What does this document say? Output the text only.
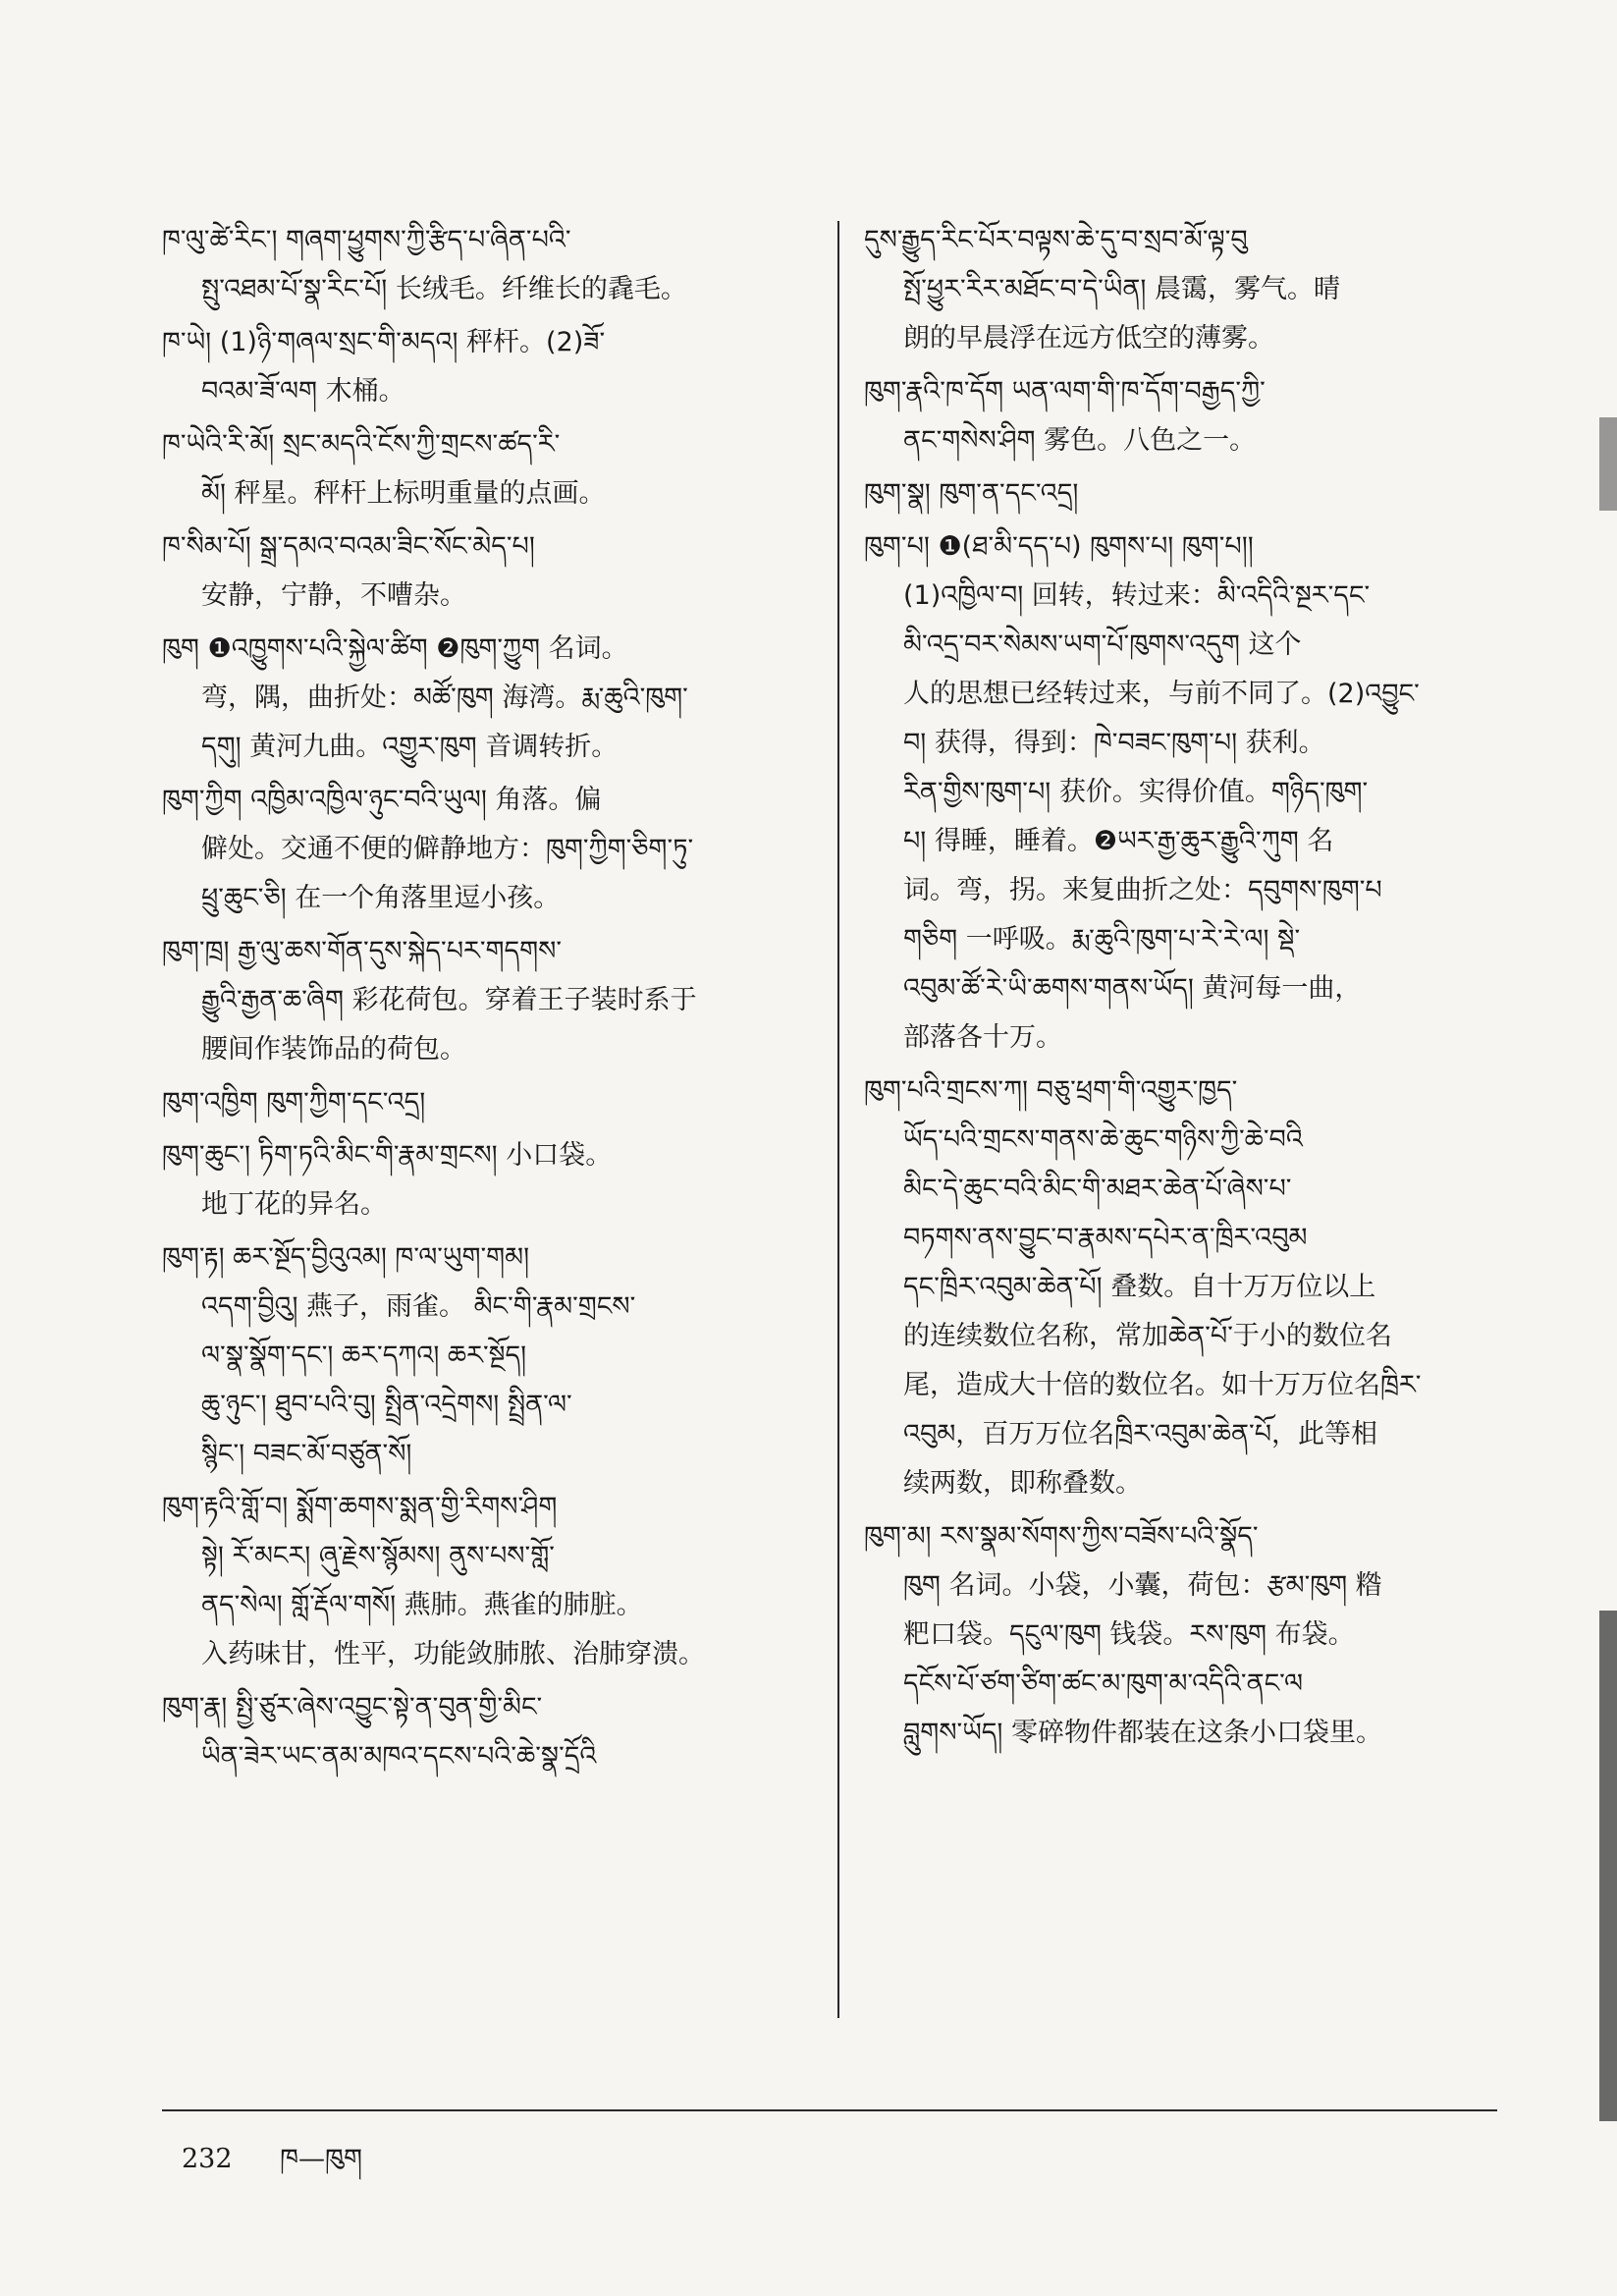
ཁ་ལུ་ཚེ་རིང་། གཞག་ཕྱུགས་ཀྱི་རྩིད་པ་ཞིན་པའི་

སྤུ་འཐམ་པོ་སྣ་རིང་པོ། 长绒毛。纤维长的毳毛。

ཁ་ཡེ། (1)ཉི་གཞལ་སྲང་གི་མདའ། 秤杆。(2)ཟོ་

བའམ་ཟོ་ལག 木桶。

ཁ་ཡེའི་རི་མོ། སྲང་མདའི་ངོས་ཀྱི་གྲངས་ཚད་རི་

མོ། 秤星。秤杆上标明重量的点画。

ཁ་སིམ་པོ། སྒྲ་དམའ་བའམ་ཟིང་སོང་མེད་པ།

安静，宁静，不嘈杂。

ཁུག ❶འཁྱུགས་པའི་སྐྱེལ་ཚིག ❷ཁུག་ཀྱུག 名词。

弯，隅，曲折处：མཚོ་ཁུག 海湾。རྨ་ཆུའི་ཁུག་

དགུ། 黄河九曲。འགྱུར་ཁུག 音调转折。

ཁུག་ཀྱིག འཁྱིམ་འཁྱིལ་ཉུང་བའི་ཡུལ། 角落。偏

僻处。交通不便的僻静地方：ཁུག་ཀྱིག་ཅིག་ཏུ་

ཕྲུ་ཆུང་ཅི། 在一个角落里逗小孩。

ཁུག་ཁྲ། རྒྱ་ལུ་ཆས་གོན་དུས་སྐེད་པར་གདགས་

རྒྱུའི་རྒྱན་ཆ་ཞིག 彩花荷包。穿着王子装时系于

腰间作装饰品的荷包。

ཁུག་འཁྱིག ཁུག་ཀྱིག་དང་འདྲ།

ཁུག་ཆུང་། ཏིག་ཏའི་མིང་གི་རྣམ་གྲངས། 小口袋。

地丁花的异名。

ཁུག་རྟ། ཆར་སྔོད་བྱིའུའམ། ཁ་ལ་ཡུག་གམ།

འདག་བྱིའུ། 燕子，雨雀。 མིང་གི་རྣམ་གྲངས་

ལ་སྣ་སྣོག་དང་། ཆར་དཀའ། ཆར་སྔོད།

ཆུ་ཉུང་། ཐུབ་པའི་བུ། སྤྲིན་འདྲེགས། སྤྲིན་ལ་

སྙིང་། བཟང་མོ་བཙུན་སོ།

ཁུག་རྟའི་གློ་བ། སྨོག་ཆགས་སྨན་གྱི་རིགས་ཤིག

སྟེ། རོ་མངར། ཞུ་རྗེས་སྙོམས། ནུས་པས་གློ་

ནད་སེལ། གློ་རྡོལ་གསོ། 燕肺。燕雀的肺脏。

入药味甘，性平，功能敛肺脓、治肺穿溃。

ཁུག་རྣ། སྤྱི་ཙུར་ཞེས་འབྱུང་སྟེ་ན་བུན་གྱི་མིང་

ཡིན་ཟེར་ཡང་ནམ་མཁའ་དངས་པའི་ཆེ་སྣ་དྲོའི

དུས་རྒྱུད་རིང་པོར་བལྟས་ཆེ་དུ་བ་སྲབ་མོ་ལྟ་བུ

སྤོ་ཕྱུར་རིར་མཐོང་བ་དེ་ཡིན། 晨霭，雾气。晴

朗的早晨浮在远方低空的薄雾。

ཁུག་རྣའི་ཁ་དོག ཡན་ལག་གི་ཁ་དོག་བརྒྱད་ཀྱི་

ནང་གསེས་ཤིག 雾色。八色之一。

ཁུག་སྣ། ཁུག་ན་དང་འདྲ།

ཁུག་པ། ❶(ཐ་མི་དད་པ) ཁུགས་པ། ཁུག་པ།།

(1)འཁྱིལ་བ། 回转，转过来：མི་འདིའི་སྔར་དང་

མི་འདྲ་བར་སེམས་ཡག་པོ་ཁུགས་འདུག 这个

人的思想已经转过来，与前不同了。(2)འབྱུང་

བ། 获得，得到：ཁེ་བཟང་ཁུག་པ། 获利。

རིན་གྱིས་ཁུག་པ། 获价。实得价值。གཉིད་ཁུག་

པ། 得睡，睡着。❷ཡར་རྒྱ་ཆུར་རྒྱུའི་ཀུག 名

词。弯，拐。来复曲折之处：དབུགས་ཁུག་པ

གཅིག 一呼吸。རྨ་ཆུའི་ཁུག་པ་རེ་རེ་ལ། སྡེ་

འབུམ་ཚོ་རེ་ཡི་ཆགས་གནས་ཡོད། 黄河每一曲，

部落各十万。

ཁུག་པའི་གྲངས་ཀ། བཅུ་ཕྲག་གི་འགྱུར་ཁྱད་

ཡོད་པའི་གྲངས་གནས་ཆེ་ཆུང་གཉིས་ཀྱི་ཆེ་བའི

མིང་དེ་ཆུང་བའི་མིང་གི་མཐར་ཆེན་པོ་ཞེས་པ་

བཏགས་ནས་བྱུང་བ་རྣམས་དཔེར་ན་ཁྲིར་འབུམ

དང་ཁྲིར་འབུམ་ཆེན་པོ། 叠数。自十万万位以上

的连续数位名称，常加ཆེན་པོ་于小的数位名

尾，造成大十倍的数位名。如十万万位名ཁྲིར་

འབུམ，百万万位名ཁྲིར་འབུམ་ཆེན་པོ，此等相

续两数，即称叠数。

ཁུག་མ། རས་སྣམ་སོགས་ཀྱིས་བཟོས་པའི་སྣོད་

ཁུག 名词。小袋，小囊，荷包：རྩམ་ཁུག 糌

粑口袋。དངུལ་ཁུག 钱袋。རས་ཁུག 布袋。

དངོས་པོ་ཙག་ཙིག་ཚང་མ་ཁུག་མ་འདིའི་ནང་ལ

བླུགས་ཡོད། 零碎物件都装在这条小口袋里。

232 ཁ—ཁུག
